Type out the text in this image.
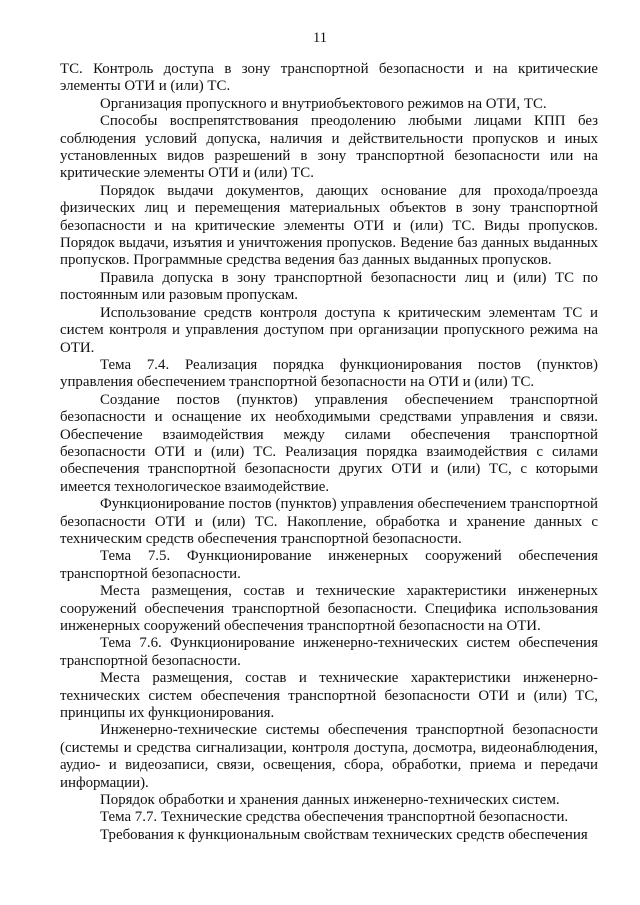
11

ТС. Контроль доступа в зону транспортной безопасности и на критические элементы ОТИ и (или) ТС.

Организация пропускного и внутриобъектового режимов на ОТИ, ТС.

Способы воспрепятствования преодолению любыми лицами КПП без соблюдения условий допуска, наличия и действительности пропусков и иных установленных видов разрешений в зону транспортной безопасности или на критические элементы ОТИ и (или) ТС.

Порядок выдачи документов, дающих основание для прохода/проезда физических лиц и перемещения материальных объектов в зону транспортной безопасности и на критические элементы ОТИ и (или) ТС. Виды пропусков. Порядок выдачи, изъятия и уничтожения пропусков. Ведение баз данных выданных пропусков. Программные средства ведения баз данных выданных пропусков.

Правила допуска в зону транспортной безопасности лиц и (или) ТС по постоянным или разовым пропускам.

Использование средств контроля доступа к критическим элементам ТС и систем контроля и управления доступом при организации пропускного режима на ОТИ.

Тема 7.4. Реализация порядка функционирования постов (пунктов) управления обеспечением транспортной безопасности на ОТИ и (или) ТС.

Создание постов (пунктов) управления обеспечением транспортной безопасности и оснащение их необходимыми средствами управления и связи. Обеспечение взаимодействия между силами обеспечения транспортной безопасности ОТИ и (или) ТС. Реализация порядка взаимодействия с силами обеспечения транспортной безопасности других ОТИ и (или) ТС, с которыми имеется технологическое взаимодействие.

Функционирование постов (пунктов) управления обеспечением транспортной безопасности ОТИ и (или) ТС. Накопление, обработка и хранение данных с техническим средств обеспечения транспортной безопасности.

Тема 7.5. Функционирование инженерных сооружений обеспечения транспортной безопасности.

Места размещения, состав и технические характеристики инженерных сооружений обеспечения транспортной безопасности. Специфика использования инженерных сооружений обеспечения транспортной безопасности на ОТИ.

Тема 7.6. Функционирование инженерно-технических систем обеспечения транспортной безопасности.

Места размещения, состав и технические характеристики инженерно-технических систем обеспечения транспортной безопасности ОТИ и (или) ТС, принципы их функционирования.

Инженерно-технические системы обеспечения транспортной безопасности (системы и средства сигнализации, контроля доступа, досмотра, видеонаблюдения, аудио- и видеозаписи, связи, освещения, сбора, обработки, приема и передачи информации).

Порядок обработки и хранения данных инженерно-технических систем.

Тема 7.7. Технические средства обеспечения транспортной безопасности.

Требования к функциональным свойствам технических средств обеспечения
